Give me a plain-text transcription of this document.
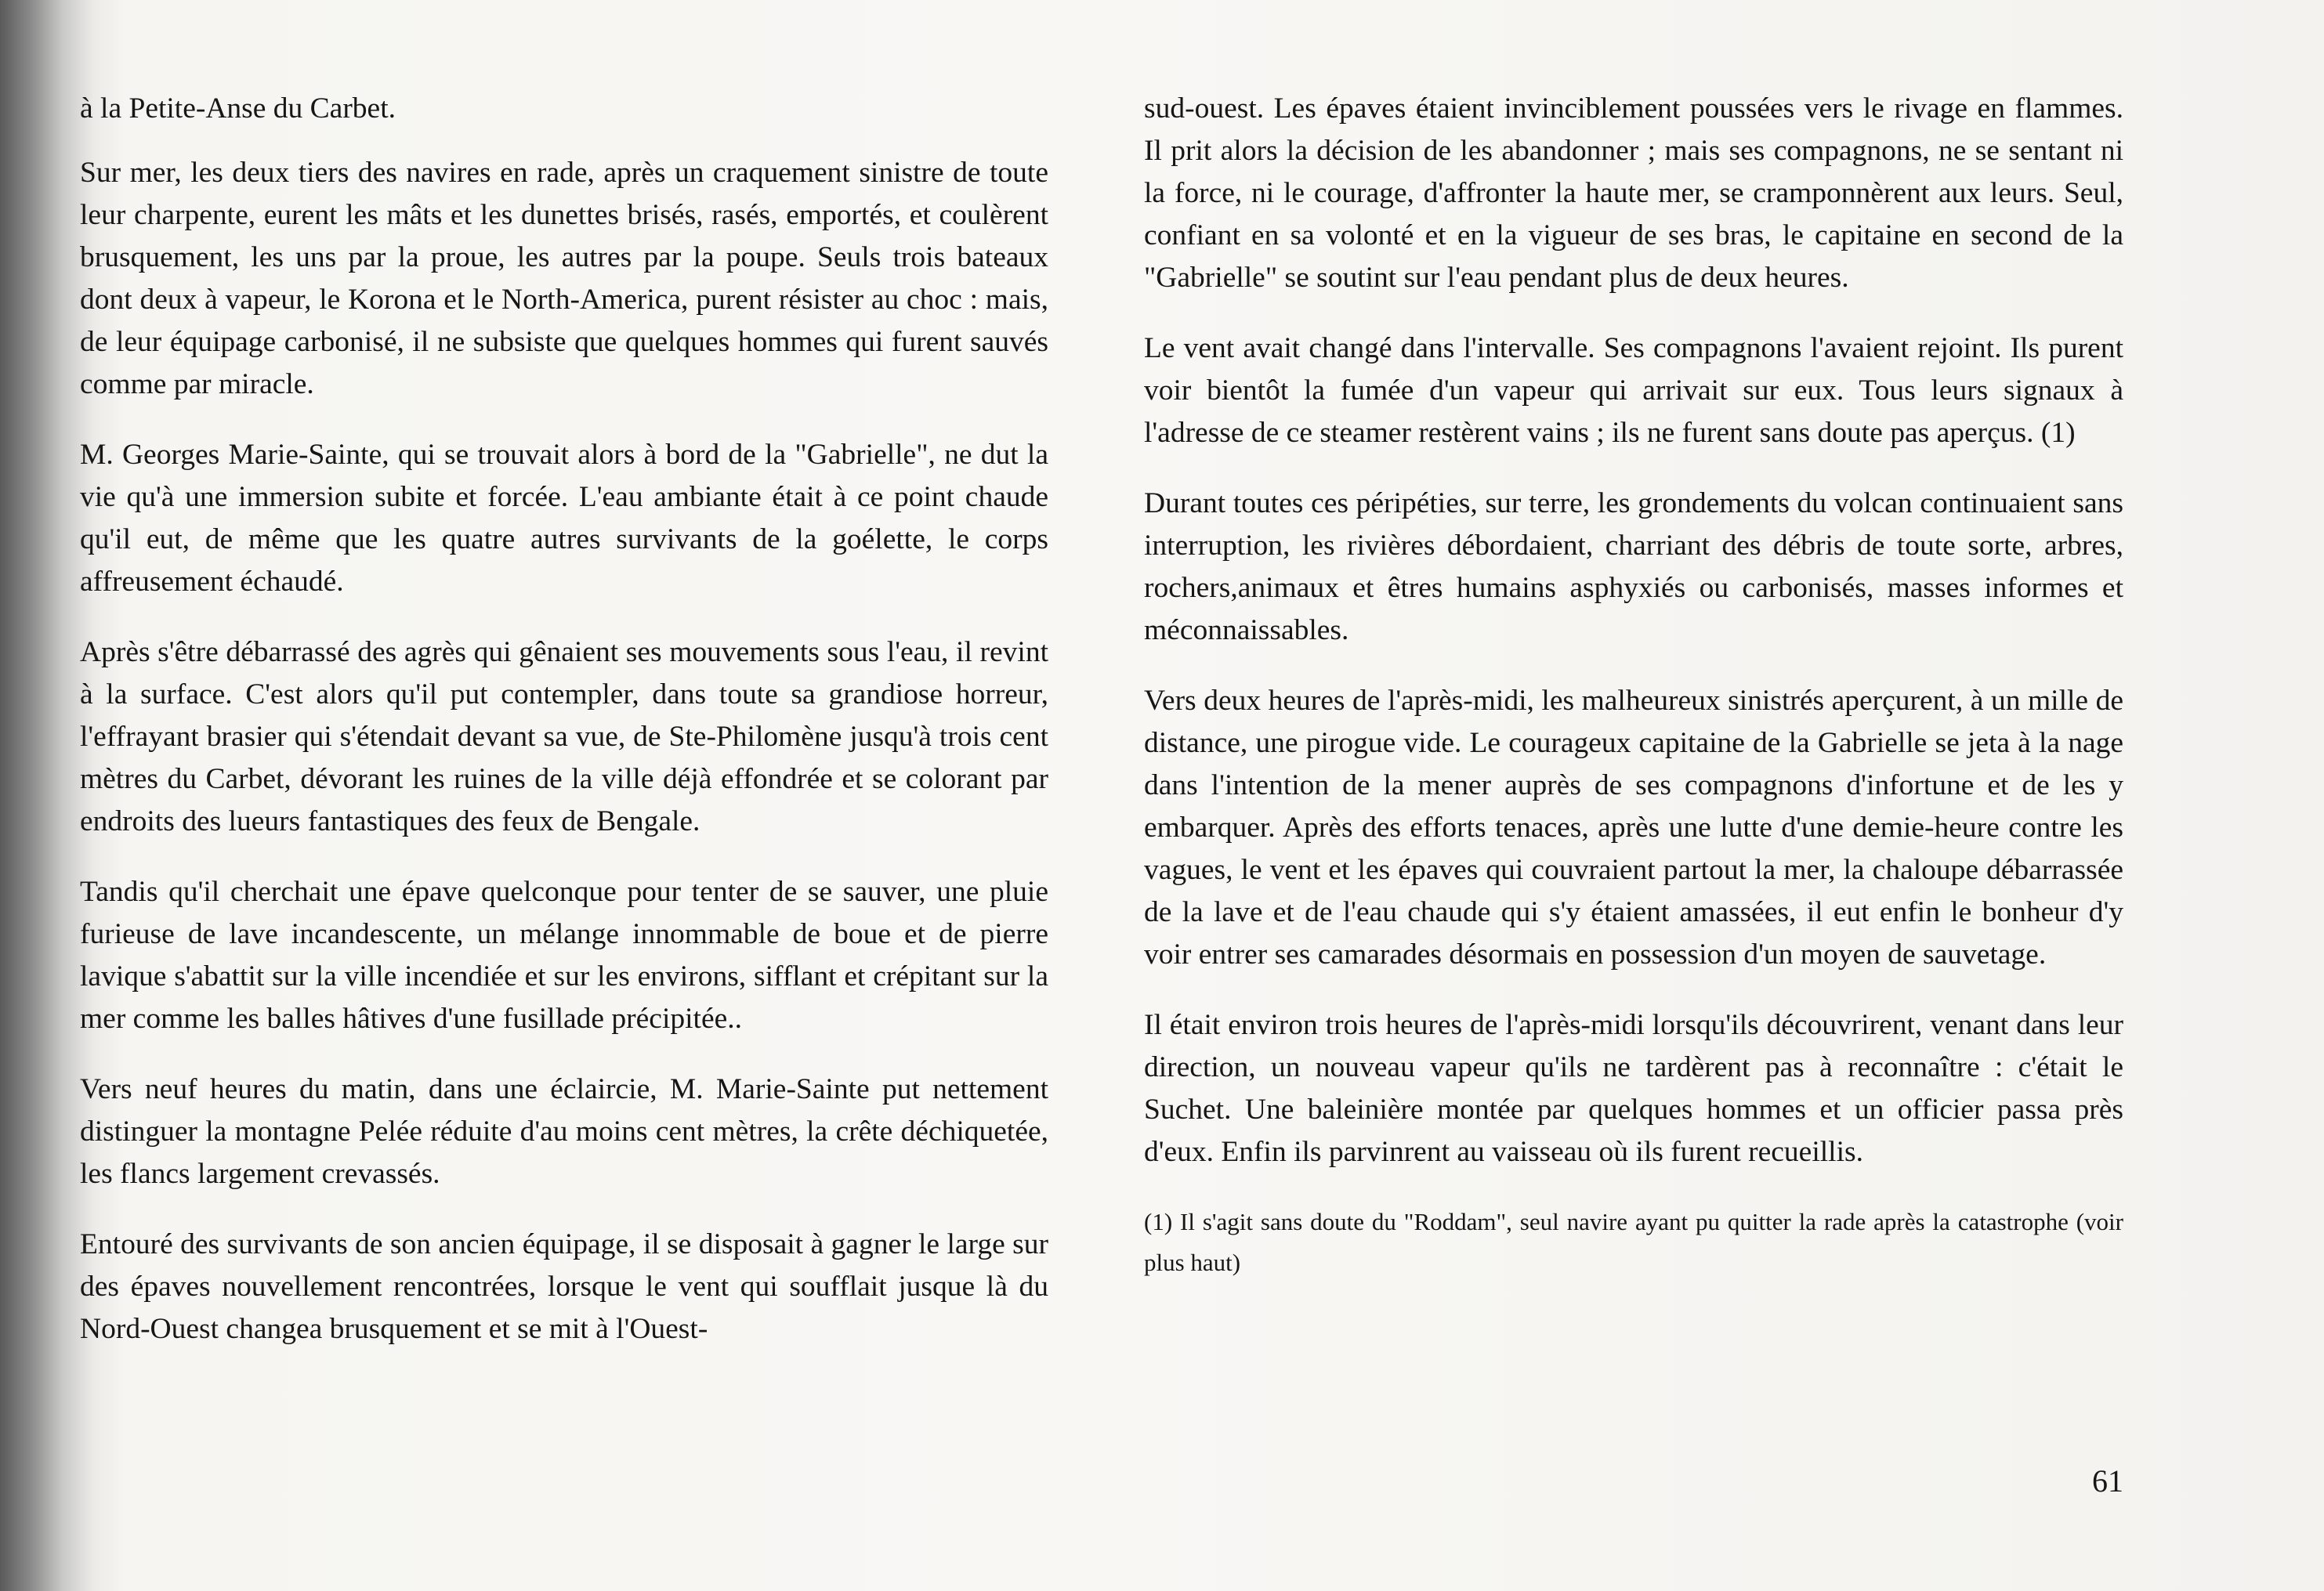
à la Petite-Anse du Carbet.

Sur mer, les deux tiers des navires en rade, après un craquement sinistre de toute leur charpente, eurent les mâts et les dunettes brisés, rasés, emportés, et coulèrent brusquement, les uns par la proue, les autres par la poupe. Seuls trois bateaux dont deux à vapeur, le Korona et le North-America, purent résister au choc : mais, de leur équipage carbonisé, il ne subsiste que quelques hommes qui furent sauvés comme par miracle.

M. Georges Marie-Sainte, qui se trouvait alors à bord de la "Gabrielle", ne dut la vie qu'à une immersion subite et forcée. L'eau ambiante était à ce point chaude qu'il eut, de même que les quatre autres survivants de la goélette, le corps affreusement échaudé.

Après s'être débarrassé des agrès qui gênaient ses mouvements sous l'eau, il revint à la surface. C'est alors qu'il put contempler, dans toute sa grandiose horreur, l'effrayant brasier qui s'étendait devant sa vue, de Ste-Philomène jusqu'à trois cent mètres du Carbet, dévorant les ruines de la ville déjà effondrée et se colorant par endroits des lueurs fantastiques des feux de Bengale.

Tandis qu'il cherchait une épave quelconque pour tenter de se sauver, une pluie furieuse de lave incandescente, un mélange innommable de boue et de pierre lavique s'abattit sur la ville incendiée et sur les environs, sifflant et crépitant sur la mer comme les balles hâtives d'une fusillade précipitée..

Vers neuf heures du matin, dans une éclaircie, M. Marie-Sainte put nettement distinguer la montagne Pelée réduite d'au moins cent mètres, la crête déchiquetée, les flancs largement crevassés.

Entouré des survivants de son ancien équipage, il se disposait à gagner le large sur des épaves nouvellement rencontrées, lorsque le vent qui soufflait jusque là du Nord-Ouest changea brusquement et se mit à l'Ouest-

sud-ouest. Les épaves étaient invinciblement poussées vers le rivage en flammes. Il prit alors la décision de les abandonner ; mais ses compagnons, ne se sentant ni la force, ni le courage, d'affronter la haute mer, se cramponnèrent aux leurs. Seul, confiant en sa volonté et en la vigueur de ses bras, le capitaine en second de la "Gabrielle" se soutint sur l'eau pendant plus de deux heures.

Le vent avait changé dans l'intervalle. Ses compagnons l'avaient rejoint. Ils purent voir bientôt la fumée d'un vapeur qui arrivait sur eux. Tous leurs signaux à l'adresse de ce steamer restèrent vains ; ils ne furent sans doute pas aperçus. (1)

Durant toutes ces péripéties, sur terre, les grondements du volcan continuaient sans interruption, les rivières débordaient, charriant des débris de toute sorte, arbres, rochers,animaux et êtres humains asphyxiés ou carbonisés, masses informes et méconnaissables.

Vers deux heures de l'après-midi, les malheureux sinistrés aperçurent, à un mille de distance, une pirogue vide. Le courageux capitaine de la Gabrielle se jeta à la nage dans l'intention de la mener auprès de ses compagnons d'infortune et de les y embarquer. Après des efforts tenaces, après une lutte d'une demie-heure contre les vagues, le vent et les épaves qui couvraient partout la mer, la chaloupe débarrassée de la lave et de l'eau chaude qui s'y étaient amassées, il eut enfin le bonheur d'y voir entrer ses camarades désormais en possession d'un moyen de sauvetage.

Il était environ trois heures de l'après-midi lorsqu'ils découvrirent, venant dans leur direction, un nouveau vapeur qu'ils ne tardèrent pas à reconnaître : c'était le Suchet. Une baleinière montée par quelques hommes et un officier passa près d'eux. Enfin ils parvinrent au vaisseau où ils furent recueillis.

(1) Il s'agit sans doute du "Roddam", seul navire ayant pu quitter la rade après la catastrophe (voir plus haut)

61
